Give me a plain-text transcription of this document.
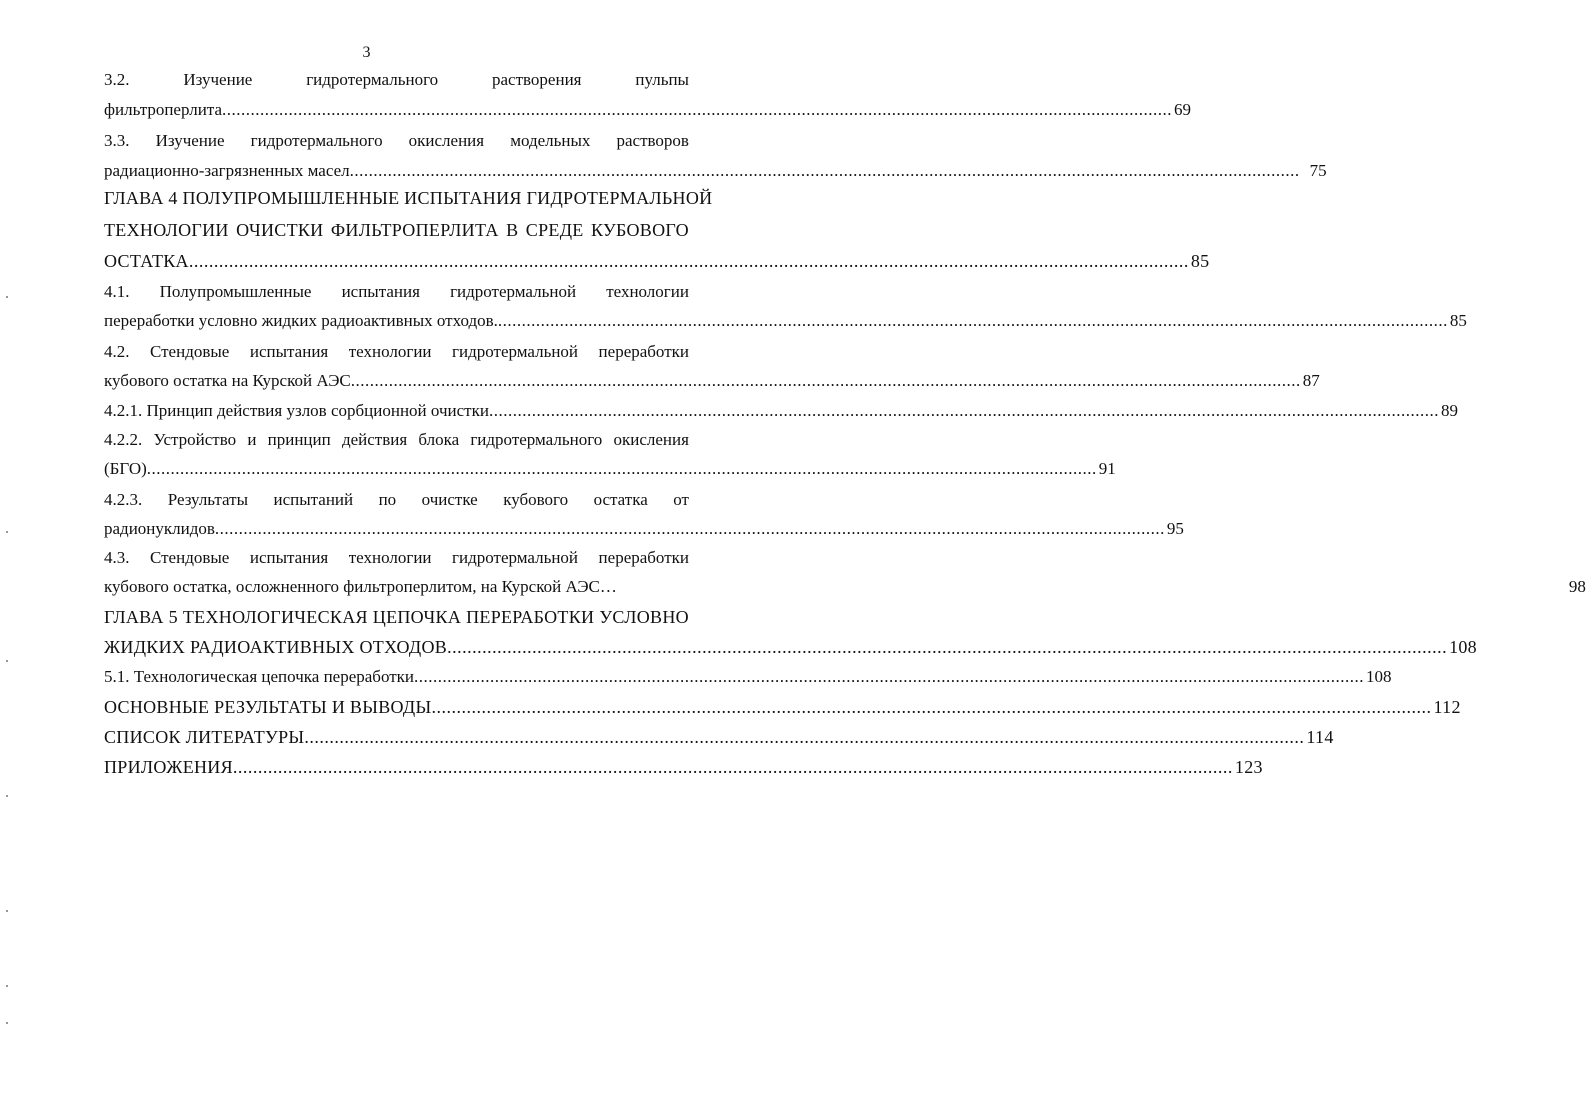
3
3.2.	Изучение	гидротермального	растворения	пульпы
фильтроперлита ........................................................................................................................................................................................................ 69
3.3. Изучение гидротермального окисления модельных растворов
радиационно-загрязненных масел ........................................................................................................................................................................................................ 75
ГЛАВА 4 ПОЛУПРОМЫШЛЕННЫЕ ИСПЫТАНИЯ ГИДРОТЕРМАЛЬНОЙ
ТЕХНОЛОГИИ ОЧИСТКИ ФИЛЬТРОПЕРЛИТА В СРЕДЕ КУБОВОГО
ОСТАТКА ........................................................................................................................................................................................................ 85
4.1. Полупромышленные испытания гидротермальной технологии
переработки условно жидких радиоактивных отходов. ........................................................................................................................................................................................................ 85
4.2. Стендовые испытания технологии гидротермальной переработки
кубового остатка на Курской АЭС ........................................................................................................................................................................................................ 87
4.2.1. Принцип действия узлов сорбционной очистки ........................................................................................................................................................................................................ 89
4.2.2. Устройство и принцип действия блока гидротермального окисления
(БГО) ........................................................................................................................................................................................................ 91
4.2.3. Результаты испытаний по очистке кубового остатка от
радионуклидов ........................................................................................................................................................................................................ 95
4.3. Стендовые испытания технологии гидротермальной переработки
кубового остатка, осложненного фильтроперлитом, на Курской АЭС…	98
ГЛАВА 5 ТЕХНОЛОГИЧЕСКАЯ ЦЕПОЧКА ПЕРЕРАБОТКИ УСЛОВНО
ЖИДКИХ РАДИОАКТИВНЫХ ОТХОДОВ ........................................................................................................................................................................................................ 108
5.1. Технологическая цепочка переработки ........................................................................................................................................................................................................ 108
ОСНОВНЫЕ РЕЗУЛЬТАТЫ И ВЫВОДЫ ........................................................................................................................................................................................................ 112
СПИСОК ЛИТЕРАТУРЫ ........................................................................................................................................................................................................ 114
ПРИЛОЖЕНИЯ ........................................................................................................................................................................................................ 123
